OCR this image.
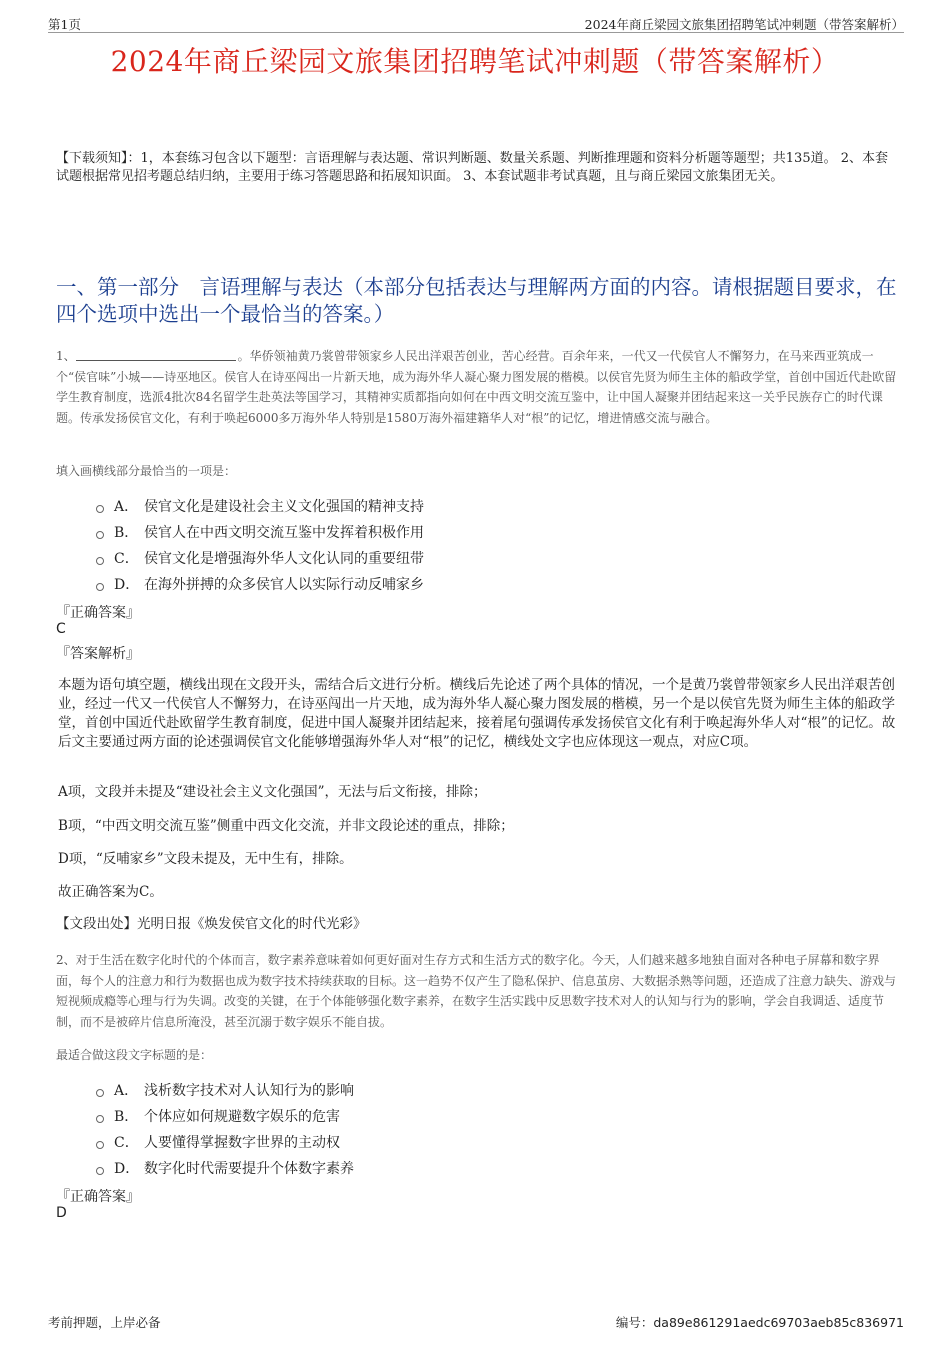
第1页	2024年商丘梁园文旅集团招聘笔试冲刺题（带答案解析）
2024年商丘梁园文旅集团招聘笔试冲刺题（带答案解析）
【下载须知】：1，本套练习包含以下题型：言语理解与表达题、常识判断题、数量关系题、判断推理题和资料分析题等题型；共135道。 2、本套试题根据常见招考题总结归纳，主要用于练习答题思路和拓展知识面。 3、本套试题非考试真题，且与商丘梁园文旅集团无关。
一、第一部分　言语理解与表达（本部分包括表达与理解两方面的内容。请根据题目要求，在四个选项中选出一个最恰当的答案。）
1、	。华侨领袖黄乃裳曾带领家乡人民出洋艰苦创业，苦心经营。百余年来，一代又一代侯官人不懈努力，在马来西亚筑成一个“侯官味”小城——诗巫地区。侯官人在诗巫闯出一片新天地，成为海外华人凝心聚力图发展的楷模。以侯官先贤为师生主体的船政学堂，首创中国近代赴欧留学生教育制度，选派4批次84名留学生赴英法等国学习，其精神实质都指向如何在中西文明交流互鉴中，让中国人凝聚并团结起来这一关乎民族存亡的时代课题。传承发扬侯官文化，有利于唤起6000多万海外华人特别是1580万海外福建籍华人对“根”的记忆，增进情感交流与融合。
填入画横线部分最恰当的一项是：
A． 侯官文化是建设社会主义文化强国的精神支持
B． 侯官人在中西文明交流互鉴中发挥着积极作用
C． 侯官文化是增强海外华人文化认同的重要纽带
D． 在海外拼搏的众多侯官人以实际行动反哺家乡
『正确答案』
C
『答案解析』
本题为语句填空题，横线出现在文段开头，需结合后文进行分析。横线后先论述了两个具体的情况，一个是黄乃裳曾带领家乡人民出洋艰苦创业，经过一代又一代侯官人不懈努力，在诗巫闯出一片天地，成为海外华人凝心聚力图发展的楷模，另一个是以侯官先贤为师生主体的船政学堂，首创中国近代赴欧留学生教育制度，促进中国人凝聚并团结起来，接着尾句强调传承发扬侯官文化有利于唤起海外华人对“根”的记忆。故后文主要通过两方面的论述强调侯官文化能够增强海外华人对“根”的记忆，横线处文字也应体现这一观点，对应C项。
A项，文段并未提及“建设社会主义文化强国”，无法与后文衔接，排除；
B项，“中西文明交流互鉴”侧重中西文化交流，并非文段论述的重点，排除；
D项，“反哺家乡”文段未提及，无中生有，排除。
故正确答案为C。
【文段出处】光明日报《焕发侯官文化的时代光彩》
2、对于生活在数字化时代的个体而言，数字素养意味着如何更好面对生存方式和生活方式的数字化。今天，人们越来越多地独自面对各种电子屏幕和数字界面，每个人的注意力和行为数据也成为数字技术持续获取的目标。这一趋势不仅产生了隐私保护、信息茧房、大数据杀熟等问题，还造成了注意力缺失、游戏与短视频成瘾等心理与行为失调。改变的关键，在于个体能够强化数字素养，在数字生活实践中反思数字技术对人的认知与行为的影响，学会自我调适、适度节制，而不是被碎片信息所淹没，甚至沉溺于数字娱乐不能自拔。
最适合做这段文字标题的是：
A． 浅析数字技术对人认知行为的影响
B． 个体应如何规避数字娱乐的危害
C． 人要懂得掌握数字世界的主动权
D． 数字化时代需要提升个体数字素养
『正确答案』
D
考前押题，上岸必备	编号：da89e861291aedc69703aeb85c836971
